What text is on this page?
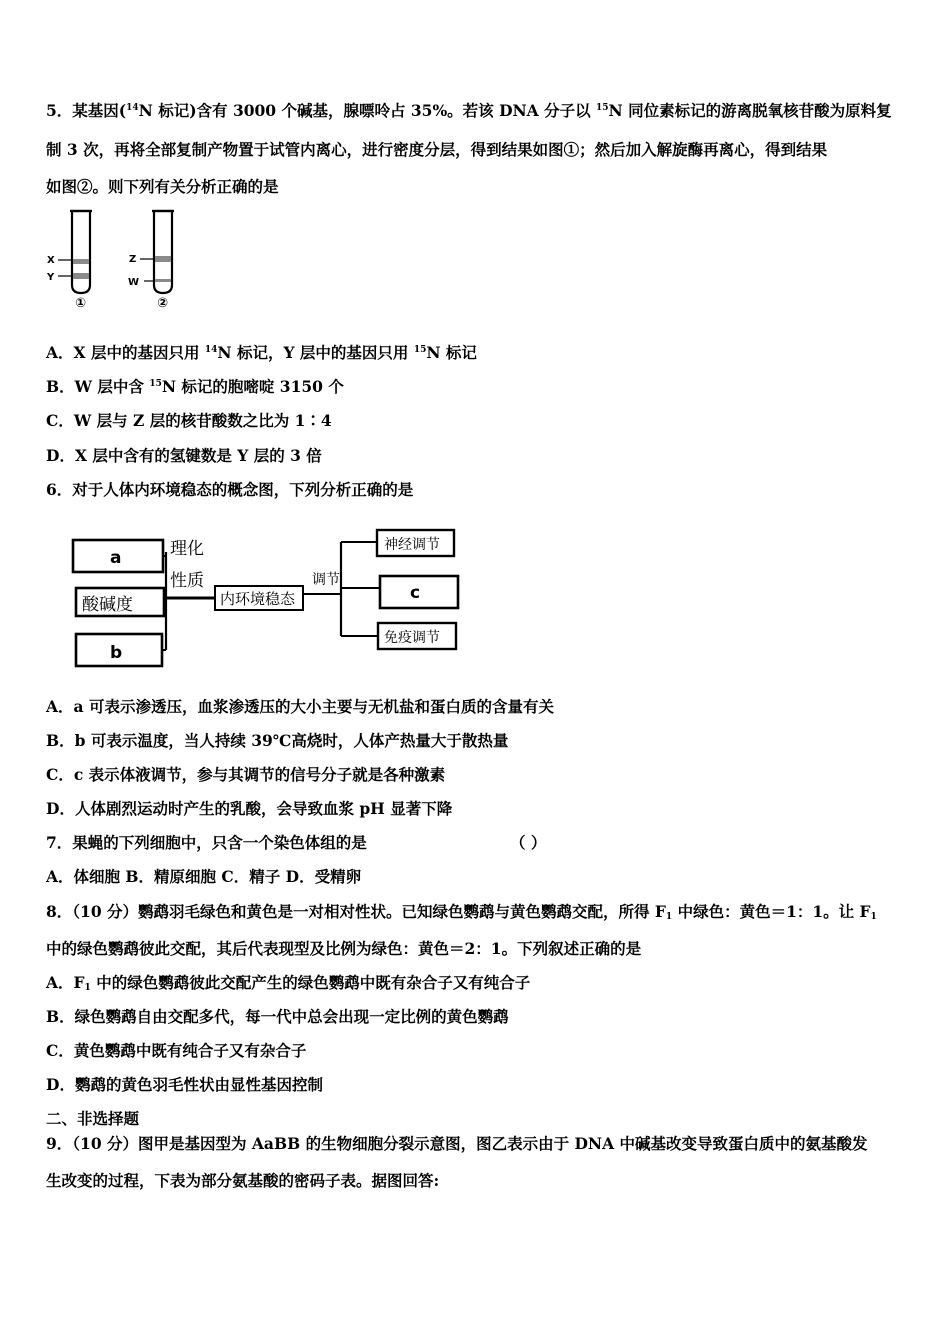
5．某基因($^{14}$N 标记)含有 3000 个碱基，腺嘌呤占 35%。若该 DNA 分子以 $^{15}$N 同位素标记的游离脱氧核苷酸为原料复
制 3 次，再将全部复制产物置于试管内离心，进行密度分层，得到结果如图①；然后加入解旋酶再离心，得到结果
如图②。则下列有关分析正确的是
X
Y
①
Z
W
②
A．X 层中的基因只用 $^{14}$N 标记，Y 层中的基因只用 $^{15}$N 标记
B．W 层中含 $^{15}$N 标记的胞嘧啶 3150 个
C．W 层与 Z 层的核苷酸数之比为 1∶4
D．X 层中含有的氢键数是 Y 层的 3 倍
6．对于人体内环境稳态的概念图，下列分析正确的是
a
酸碱度
b
理化
性质
内环境稳态
调节
神经调节
c
免疫调节
A．a 可表示渗透压，血浆渗透压的大小主要与无机盐和蛋白质的含量有关
B．b 可表示温度，当人持续 39℃高烧时，人体产热量大于散热量
C．c 表示体液调节，参与其调节的信号分子就是各种激素
D．人体剧烈运动时产生的乳酸，会导致血浆 pH 显著下降
7．果蝇的下列细胞中，只含一个染色体组的是	（ ）
A．体细胞 B．精原细胞 C．精子 D．受精卵
8．（10 分）鹦鹉羽毛绿色和黄色是一对相对性状。已知绿色鹦鹉与黄色鹦鹉交配，所得 $F_1$ 中绿色：黄色＝1：1。让 $F_1$
中的绿色鹦鹉彼此交配，其后代表现型及比例为绿色：黄色＝2：1。下列叙述正确的是
A．$F_1$ 中的绿色鹦鹉彼此交配产生的绿色鹦鹉中既有杂合子又有纯合子
B．绿色鹦鹉自由交配多代，每一代中总会出现一定比例的黄色鹦鹉
C．黄色鹦鹉中既有纯合子又有杂合子
D．鹦鹉的黄色羽毛性状由显性基因控制
二、非选择题
9．（10 分）图甲是基因型为 AaBB 的生物细胞分裂示意图，图乙表示由于 DNA 中碱基改变导致蛋白质中的氨基酸发
生改变的过程，下表为部分氨基酸的密码子表。据图回答:
